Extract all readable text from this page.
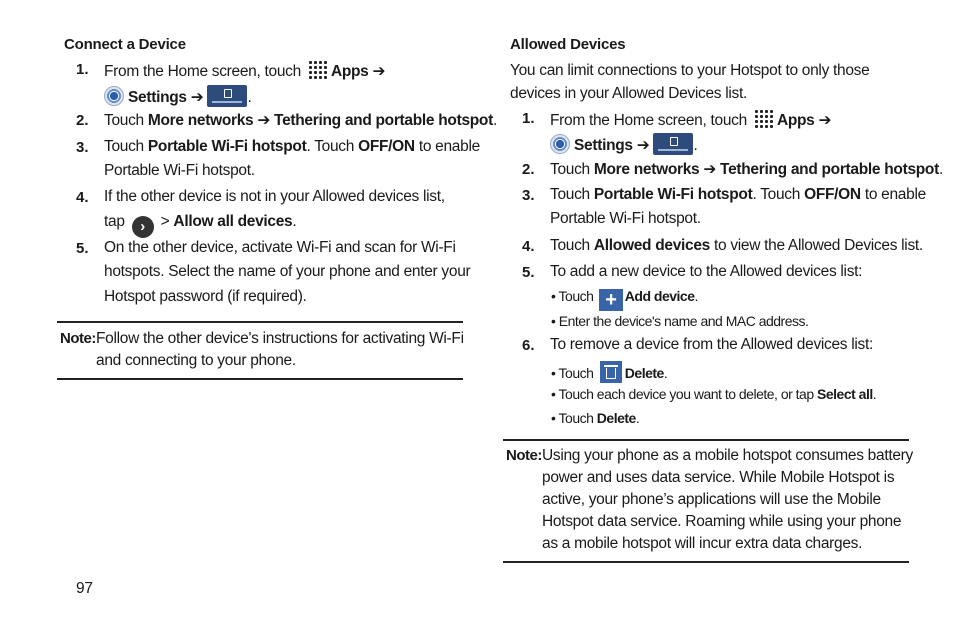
Connect a Device
1. From the Home screen, touch Apps ➔
Settings ➔	.
2. Touch More networks ➔ Tethering and portable hotspot.
3. Touch Portable Wi-Fi hotspot. Touch OFF/ON to enable
Portable Wi-Fi hotspot.
4. If the other device is not in your Allowed devices list,
tap › > Allow all devices.
5. On the other device, activate Wi-Fi and scan for Wi-Fi
hotspots. Select the name of your phone and enter your
Hotspot password (if required).
Note: Follow the other device's instructions for activating Wi-Fi
and connecting to your phone.
Allowed Devices
You can limit connections to your Hotspot to only those
devices in your Allowed Devices list.
1. From the Home screen, touch Apps ➔
Settings ➔	.
2. Touch More networks ➔ Tethering and portable hotspot.
3. Touch Portable Wi-Fi hotspot. Touch OFF/ON to enable
Portable Wi-Fi hotspot.
4. Touch Allowed devices to view the Allowed Devices list.
5. To add a new device to the Allowed devices list:
• Touch + Add device.
• Enter the device's name and MAC address.
6. To remove a device from the Allowed devices list:
• Touch Delete.
• Touch each device you want to delete, or tap Select all.
• Touch Delete.
Note: Using your phone as a mobile hotspot consumes battery
power and uses data service. While Mobile Hotspot is
active, your phone’s applications will use the Mobile
Hotspot data service. Roaming while using your phone
as a mobile hotspot will incur extra data charges.
97
